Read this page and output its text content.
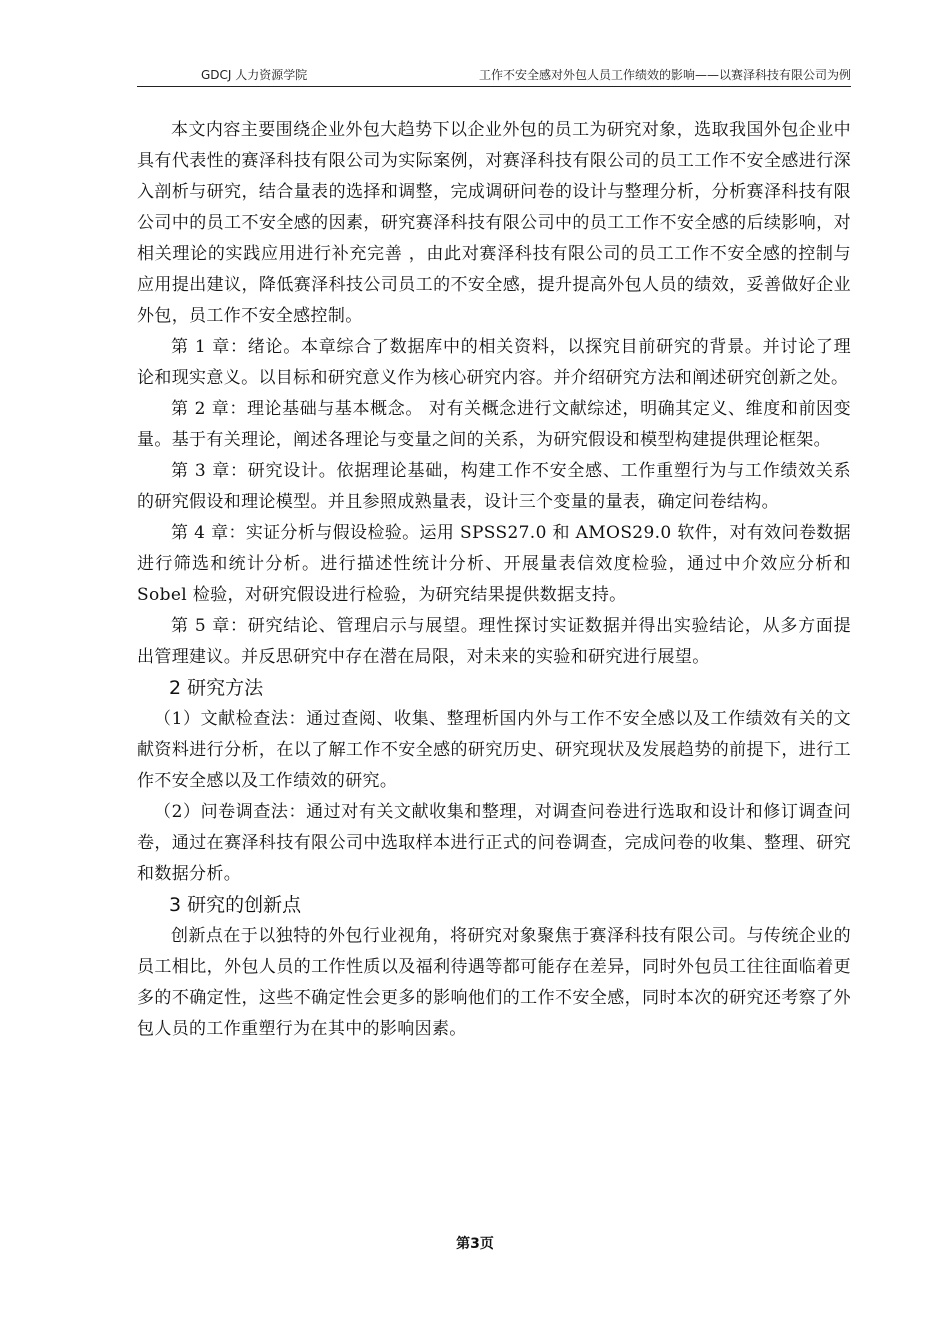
GDCJ 人力资源学院	工作不安全感对外包人员工作绩效的影响——以赛泽科技有限公司为例

本文内容主要围绕企业外包大趋势下以企业外包的员工为研究对象，选取我国外包企业中具有代表性的赛泽科技有限公司为实际案例，对赛泽科技有限公司的员工工作不安全感进行深入剖析与研究，结合量表的选择和调整，完成调研问卷的设计与整理分析，分析赛泽科技有限公司中的员工不安全感的因素，研究赛泽科技有限公司中的员工工作不安全感的后续影响，对相关理论的实践应用进行补充完善 ，由此对赛泽科技有限公司的员工工作不安全感的控制与应用提出建议，降低赛泽科技公司员工的不安全感，提升提高外包人员的绩效，妥善做好企业外包，员工作不安全感控制。

第 1 章：绪论。本章综合了数据库中的相关资料，以探究目前研究的背景。并讨论了理论和现实意义。以目标和研究意义作为核心研究内容。并介绍研究方法和阐述研究创新之处。

第 2 章：理论基础与基本概念。 对有关概念进行文献综述，明确其定义、维度和前因变量。基于有关理论，阐述各理论与变量之间的关系，为研究假设和模型构建提供理论框架。

第 3 章：研究设计。依据理论基础，构建工作不安全感、工作重塑行为与工作绩效关系的研究假设和理论模型。并且参照成熟量表，设计三个变量的量表，确定问卷结构。

第 4 章：实证分析与假设检验。运用 SPSS27.0 和 AMOS29.0 软件，对有效问卷数据进行筛选和统计分析。进行描述性统计分析、开展量表信效度检验，通过中介效应分析和 Sobel 检验，对研究假设进行检验，为研究结果提供数据支持。

第 5 章：研究结论、管理启示与展望。理性探讨实证数据并得出实验结论，从多方面提出管理建议。并反思研究中存在潜在局限，对未来的实验和研究进行展望。

2 研究方法

（1）文献检查法：通过查阅、收集、整理析国内外与工作不安全感以及工作绩效有关的文献资料进行分析，在以了解工作不安全感的研究历史、研究现状及发展趋势的前提下，进行工作不安全感以及工作绩效的研究。

（2）问卷调查法：通过对有关文献收集和整理，对调查问卷进行选取和设计和修订调查问卷，通过在赛泽科技有限公司中选取样本进行正式的问卷调查，完成问卷的收集、整理、研究和数据分析。

3 研究的创新点

创新点在于以独特的外包行业视角，将研究对象聚焦于赛泽科技有限公司。与传统企业的员工相比，外包人员的工作性质以及福利待遇等都可能存在差异，同时外包员工往往面临着更多的不确定性，这些不确定性会更多的影响他们的工作不安全感，同时本次的研究还考察了外包人员的工作重塑行为在其中的影响因素。

第3页
